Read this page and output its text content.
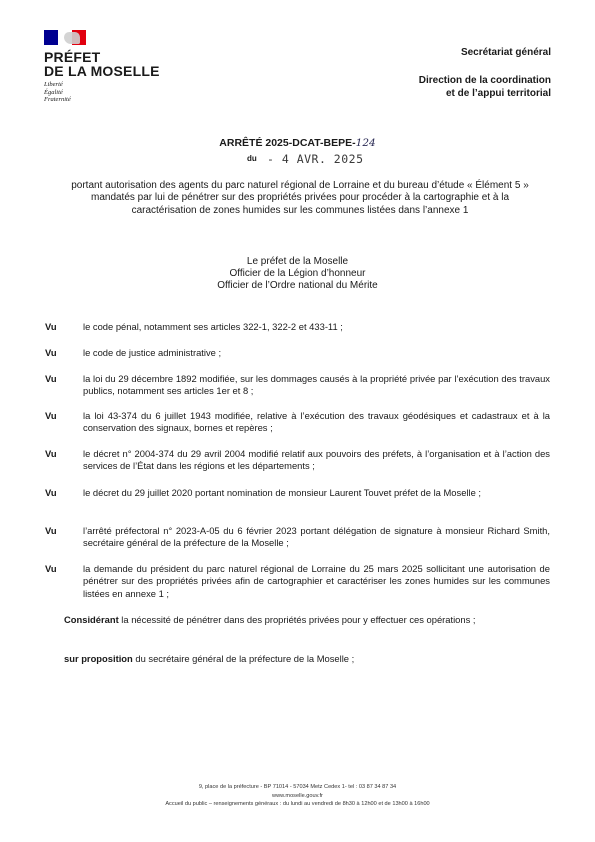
PRÉFET
DE LA MOSELLE
Liberté
Égalité
Fraternité
Secrétariat général
Direction de la coordination
et de l’appui territorial
ARRÊTÉ 2025-DCAT-BEPE-124
du - 4 AVR. 2025
portant autorisation des agents du parc naturel régional de Lorraine et du bureau d’étude « Élément 5 » mandatés par lui de pénétrer sur des propriétés privées pour procéder à la cartographie et à la caractérisation de zones humides sur les communes listées dans l’annexe 1
Le préfet de la Moselle
Officier de la Légion d’honneur
Officier de l’Ordre national du Mérite
Vu	le code pénal, notamment ses articles 322-1, 322-2 et 433-11 ;
Vu	le code de justice administrative ;
Vu	la loi du 29 décembre 1892 modifiée, sur les dommages causés à la propriété privée par l’exécution des travaux publics, notamment ses articles 1er et 8 ;
Vu	la loi 43-374 du 6 juillet 1943 modifiée, relative à l’exécution des travaux géodésiques et cadastraux et à la conservation des signaux, bornes et repères ;
Vu	le décret n° 2004-374 du 29 avril 2004 modifié relatif aux pouvoirs des préfets, à l’organisation et à l’action des services de l’État dans les régions et les départements ;
Vu	le décret du 29 juillet 2020 portant nomination de monsieur Laurent Touvet préfet de la Moselle ;
Vu	l’arrêté préfectoral n° 2023-A-05 du 6 février 2023 portant délégation de signature à monsieur Richard Smith, secrétaire général de la préfecture de la Moselle ;
Vu	la demande du président du parc naturel régional de Lorraine du 25 mars 2025 sollicitant une autorisation de pénétrer sur des propriétés privées afin de cartographier et caractériser les zones humides sur les communes listées en annexe 1 ;
Considérant la nécessité de pénétrer dans des propriétés privées pour y effectuer ces opérations ;
sur proposition du secrétaire général de la préfecture de la Moselle ;
9, place de la préfecture - BP 71014 - 57034 Metz Cedex 1- tel : 03 87 34 87 34
www.moselle.gouv.fr
Accueil du public – renseignements généraux : du lundi au vendredi de 8h30 à 12h00 et de 13h00 à 16h00
